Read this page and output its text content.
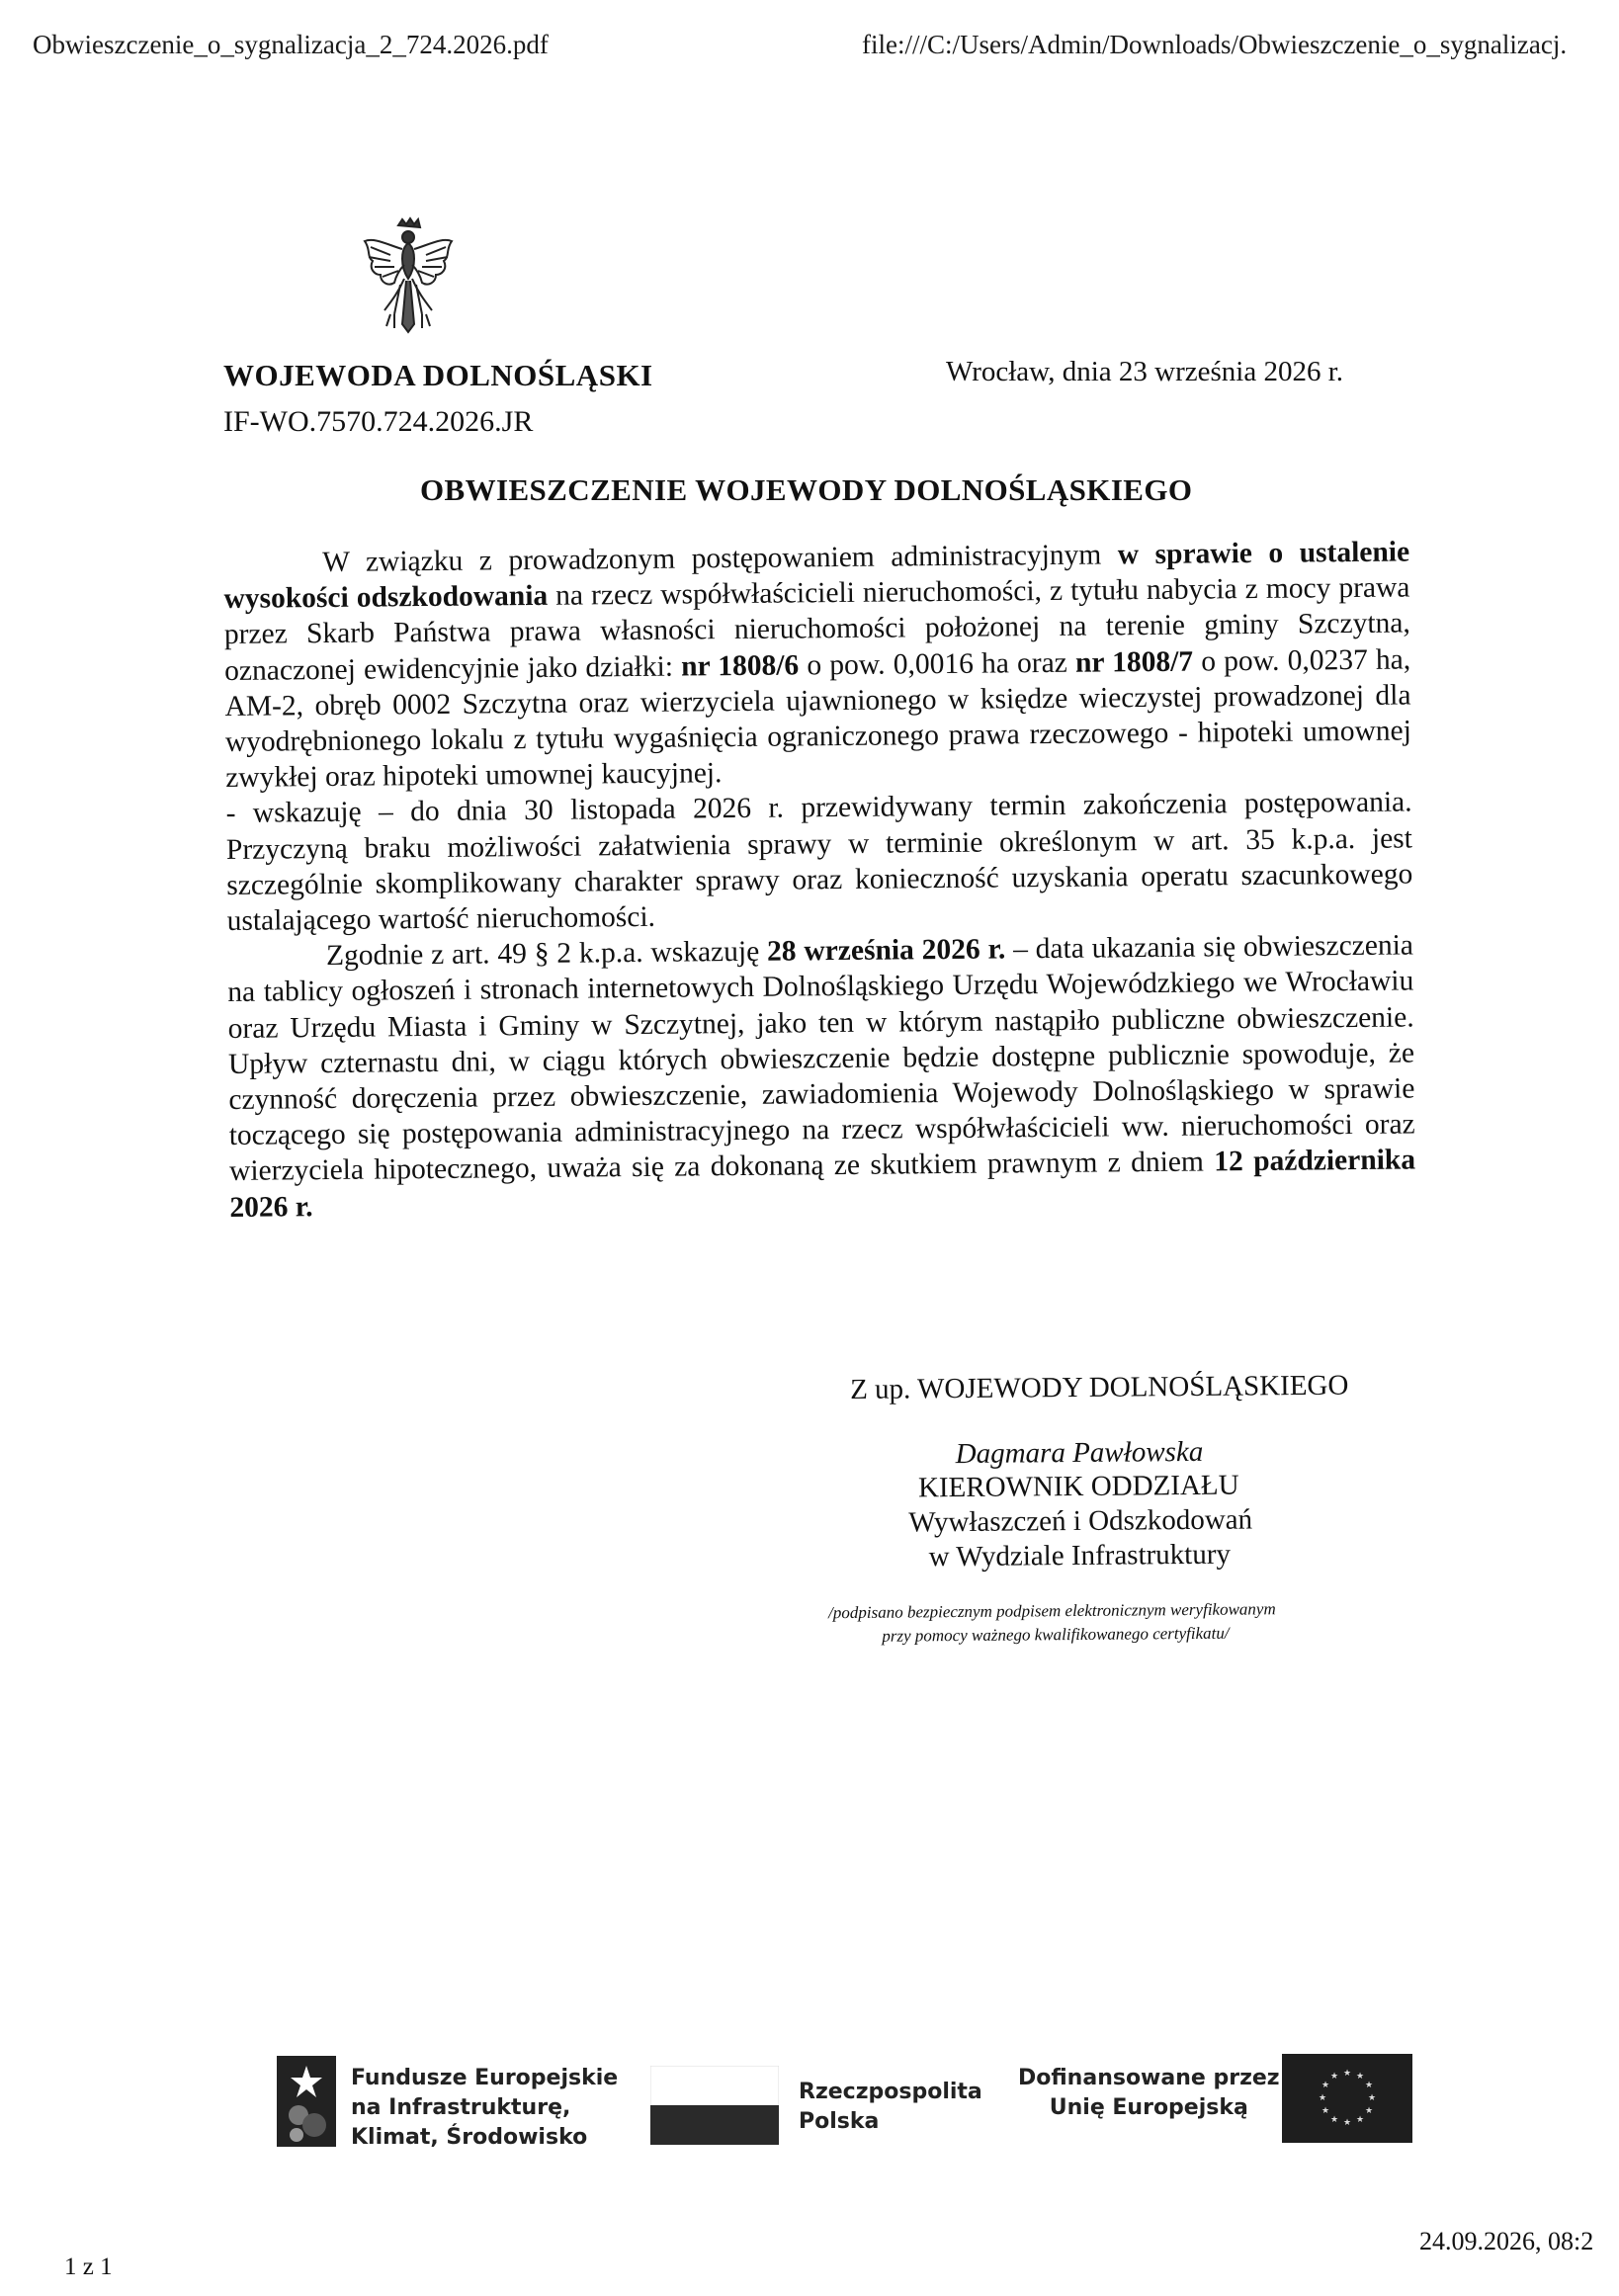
Obwieszczenie_o_sygnalizacja_2_724.2026.pdf	file:///C:/Users/Admin/Downloads/Obwieszczenie_o_sygnalizacj.
WOJEWODA DOLNOŚLĄSKI
IF-WO.7570.724.2026.JR
Wrocław, dnia 23 września 2026 r.
OBWIESZCZENIE WOJEWODY DOLNOŚLĄSKIEGO

W związku z prowadzonym postępowaniem administracyjnym w sprawie o ustalenie wysokości odszkodowania na rzecz współwłaścicieli nieruchomości, z tytułu nabycia z mocy prawa przez Skarb Państwa prawa własności nieruchomości położonej na terenie gminy Szczytna, oznaczonej ewidencyjnie jako działki: nr 1808/6 o pow. 0,0016 ha oraz nr 1808/7 o pow. 0,0237 ha, AM-2, obręb 0002 Szczytna oraz wierzyciela ujawnionego w księdze wieczystej prowadzonej dla wyodrębnionego lokalu z tytułu wygaśnięcia ograniczonego prawa rzeczowego - hipoteki umownej zwykłej oraz hipoteki umownej kaucyjnej.

- wskazuję – do dnia 30 listopada 2026 r. przewidywany termin zakończenia postępowania. Przyczyną braku możliwości załatwienia sprawy w terminie określonym w art. 35 k.p.a. jest szczególnie skomplikowany charakter sprawy oraz konieczność uzyskania operatu szacunkowego ustalającego wartość nieruchomości.

Zgodnie z art. 49 § 2 k.p.a. wskazuję 28 września 2026 r. – data ukazania się obwieszczenia na tablicy ogłoszeń i stronach internetowych Dolnośląskiego Urzędu Wojewódzkiego we Wrocławiu oraz Urzędu Miasta i Gminy w Szczytnej, jako ten w którym nastąpiło publiczne obwieszczenie. Upływ czternastu dni, w ciągu których obwieszczenie będzie dostępne publicznie spowoduje, że czynność doręczenia przez obwieszczenie, zawiadomienia Wojewody Dolnośląskiego w sprawie toczącego się postępowania administracyjnego na rzecz współwłaścicieli ww. nieruchomości oraz wierzyciela hipotecznego, uważa się za dokonaną ze skutkiem prawnym z dniem 12 października 2026 r.

Z up. WOJEWODY DOLNOŚLĄSKIEGO
Dagmara Pawłowska
KIEROWNIK ODDZIAŁU
Wywłaszczeń i Odszkodowań
w Wydziale Infrastruktury
/podpisano bezpiecznym podpisem elektronicznym weryfikowanym
przy pomocy ważnego kwalifikowanego certyfikatu/
Fundusze Europejskie
na Infrastrukturę,
Klimat, Środowisko
Rzeczpospolita
Polska
Dofinansowane przez
Unię Europejską
★ ★
★
★
★
★
★
★
★
★
★
★
1 z 1
24.09.2026, 08:2
